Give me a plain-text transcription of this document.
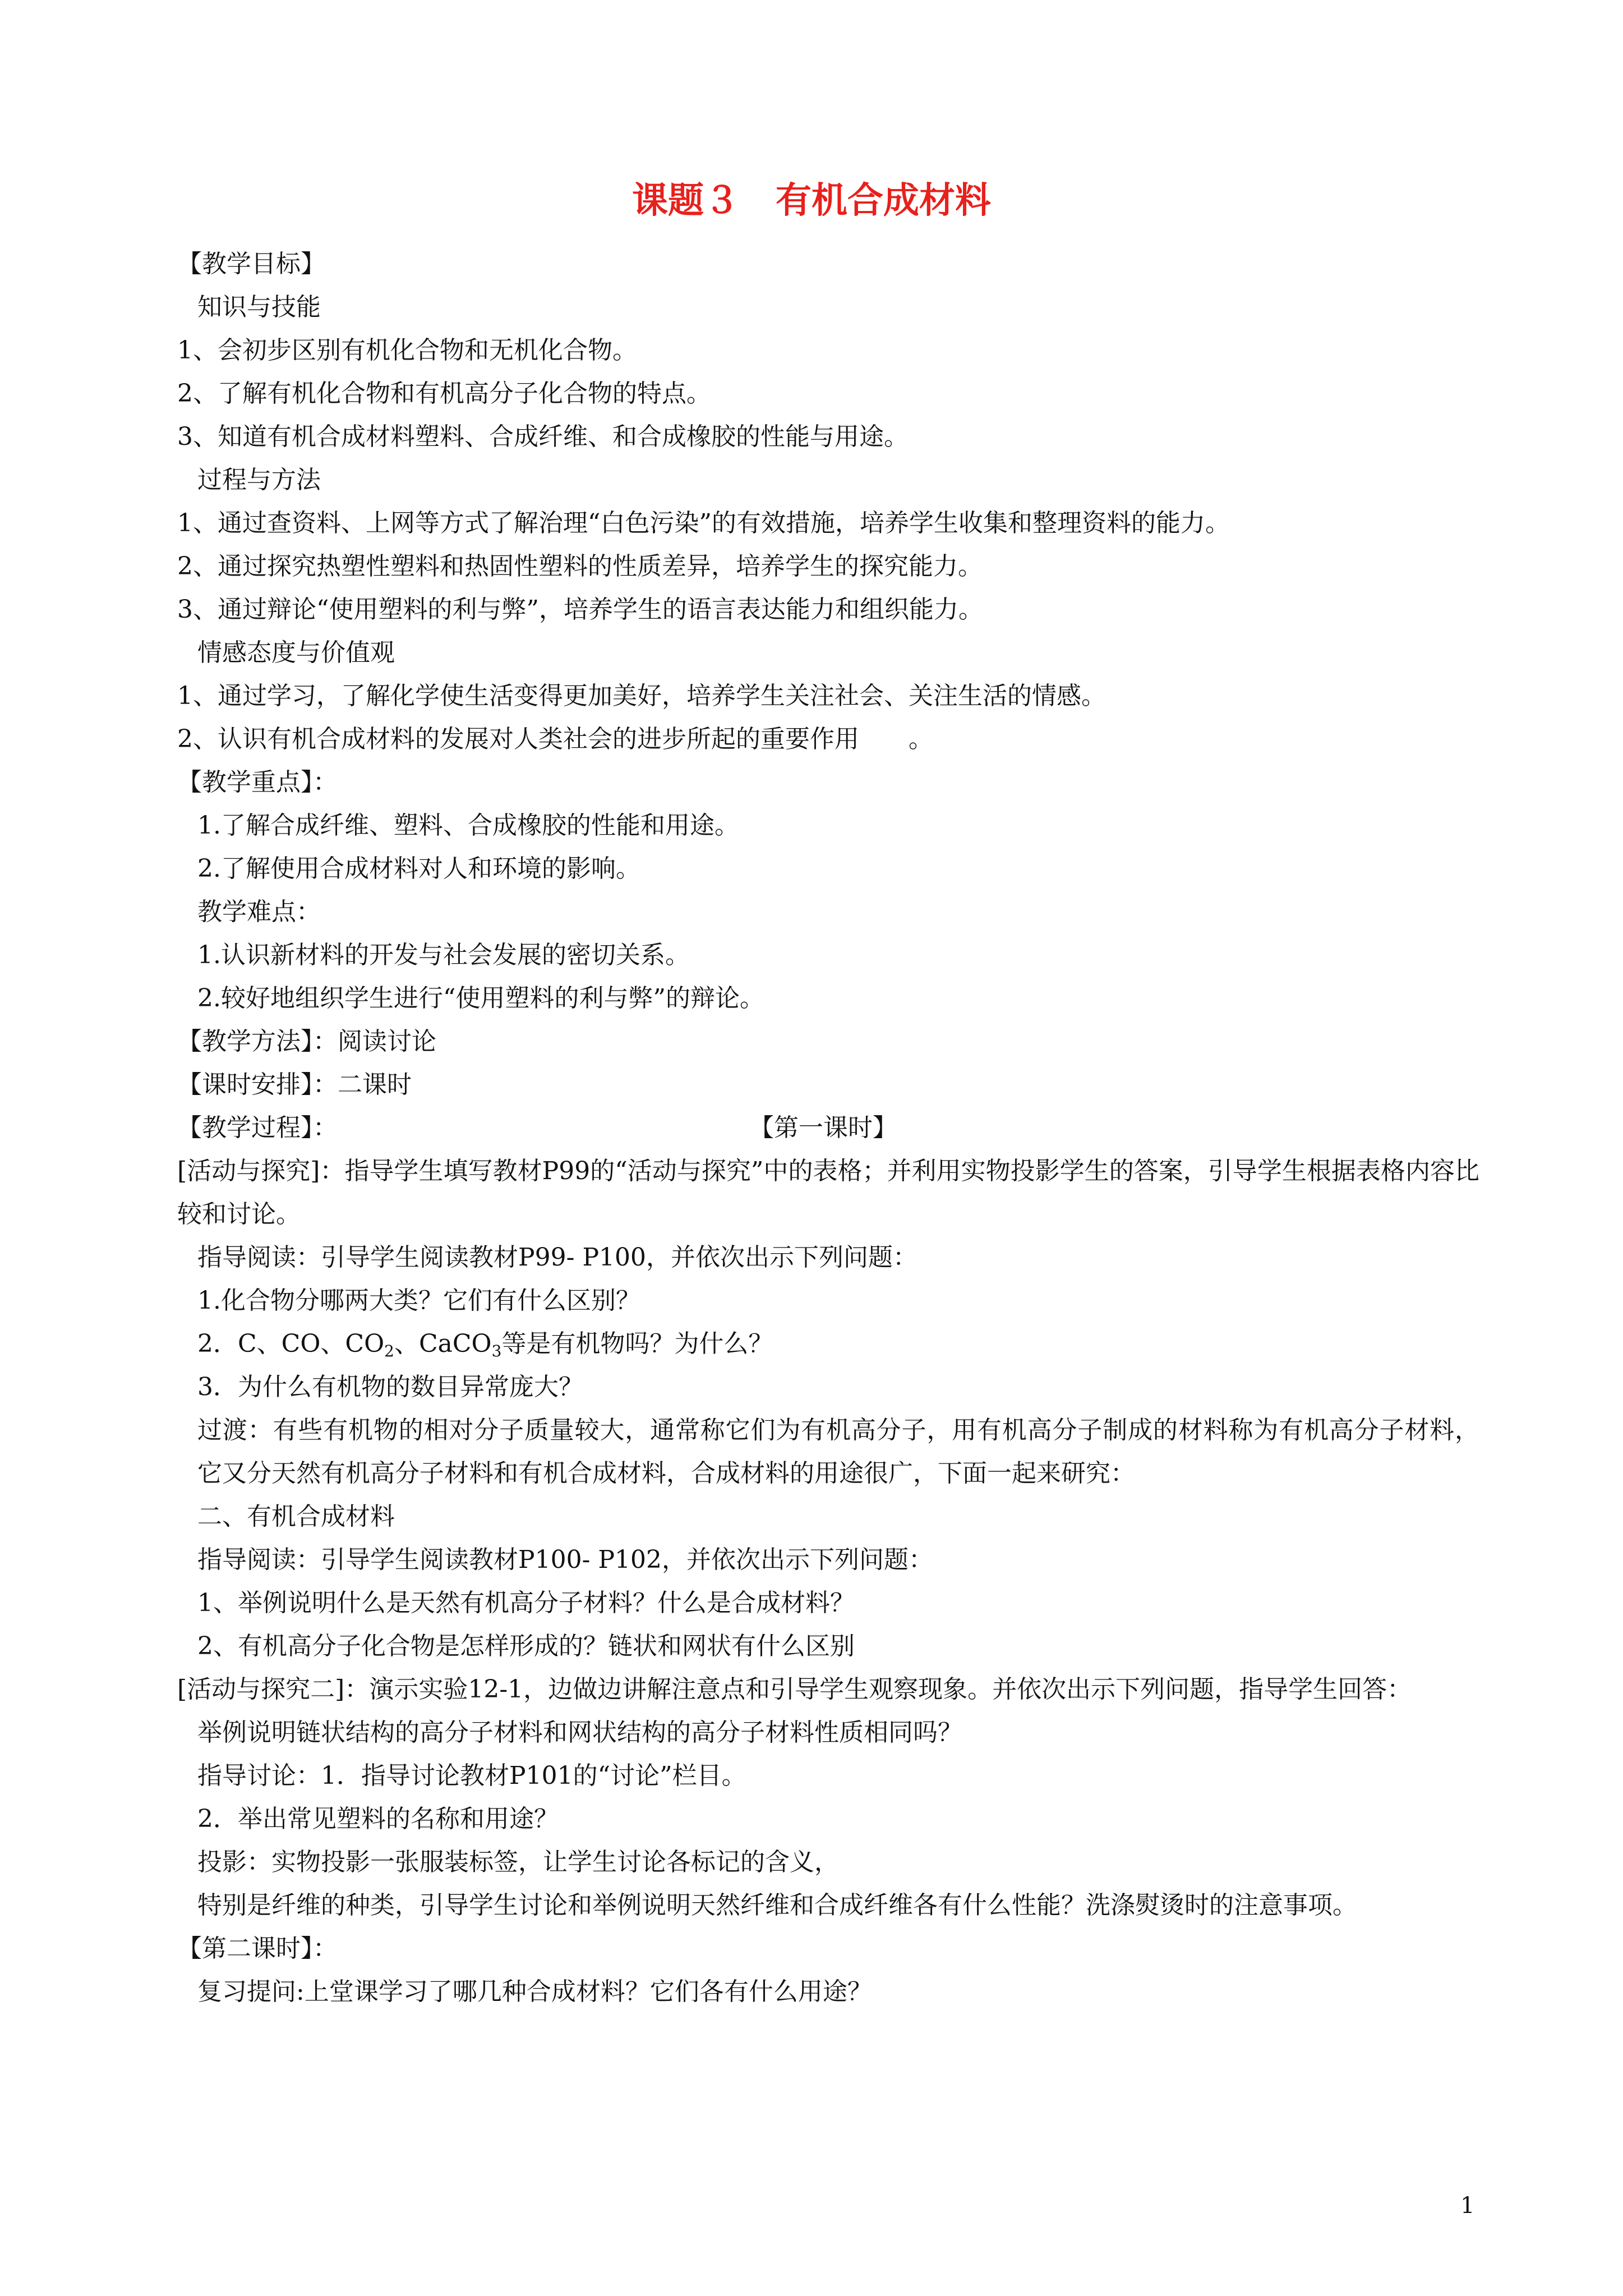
课题３　有机合成材料
【教学目标】
知识与技能
1、会初步区别有机化合物和无机化合物。
2、了解有机化合物和有机高分子化合物的特点。
3、知道有机合成材料塑料、合成纤维、和合成橡胶的性能与用途。
过程与方法
1、通过查资料、上网等方式了解治理“白色污染”的有效措施，培养学生收集和整理资料的能力。
2、通过探究热塑性塑料和热固性塑料的性质差异，培养学生的探究能力。
3、通过辩论“使用塑料的利与弊”，培养学生的语言表达能力和组织能力。
情感态度与价值观
1、通过学习，了解化学使生活变得更加美好，培养学生关注社会、关注生活的情感。
2、认识有机合成材料的发展对人类社会的进步所起的重要作用　　。
【教学重点】：
1.了解合成纤维、塑料、合成橡胶的性能和用途。
2.了解使用合成材料对人和环境的影响。
教学难点：
1.认识新材料的开发与社会发展的密切关系。
2.较好地组织学生进行“使用塑料的利与弊”的辩论。
【教学方法】：阅读讨论
【课时安排】：二课时
【教学过程】：	【第一课时】
[活动与探究]：指导学生填写教材P99的“活动与探究”中的表格；并利用实物投影学生的答案，引导学生根据表格内容比较和讨论。
指导阅读：引导学生阅读教材P99- P100，并依次出示下列问题：
1.化合物分哪两大类？它们有什么区别？
2．C、CO、$CO_2$、CaCO$_3$等是有机物吗？为什么？
3．为什么有机物的数目异常庞大？
过渡：有些有机物的相对分子质量较大，通常称它们为有机高分子，用有机高分子制成的材料称为有机高分子材料，它又分天然有机高分子材料和有机合成材料，合成材料的用途很广，下面一起来研究：
二、有机合成材料
指导阅读：引导学生阅读教材P100- P102，并依次出示下列问题：
1、举例说明什么是天然有机高分子材料？什么是合成材料？
2、有机高分子化合物是怎样形成的？链状和网状有什么区别
[活动与探究二]：演示实验12-1，边做边讲解注意点和引导学生观察现象。并依次出示下列问题，指导学生回答：
举例说明链状结构的高分子材料和网状结构的高分子材料性质相同吗？
指导讨论：1．指导讨论教材P101的“讨论”栏目。
2．举出常见塑料的名称和用途？
投影：实物投影一张服装标签，让学生讨论各标记的含义，
特别是纤维的种类，引导学生讨论和举例说明天然纤维和合成纤维各有什么性能？洗涤熨烫时的注意事项。
【第二课时】：
复习提问:上堂课学习了哪几种合成材料？它们各有什么用途？
1
